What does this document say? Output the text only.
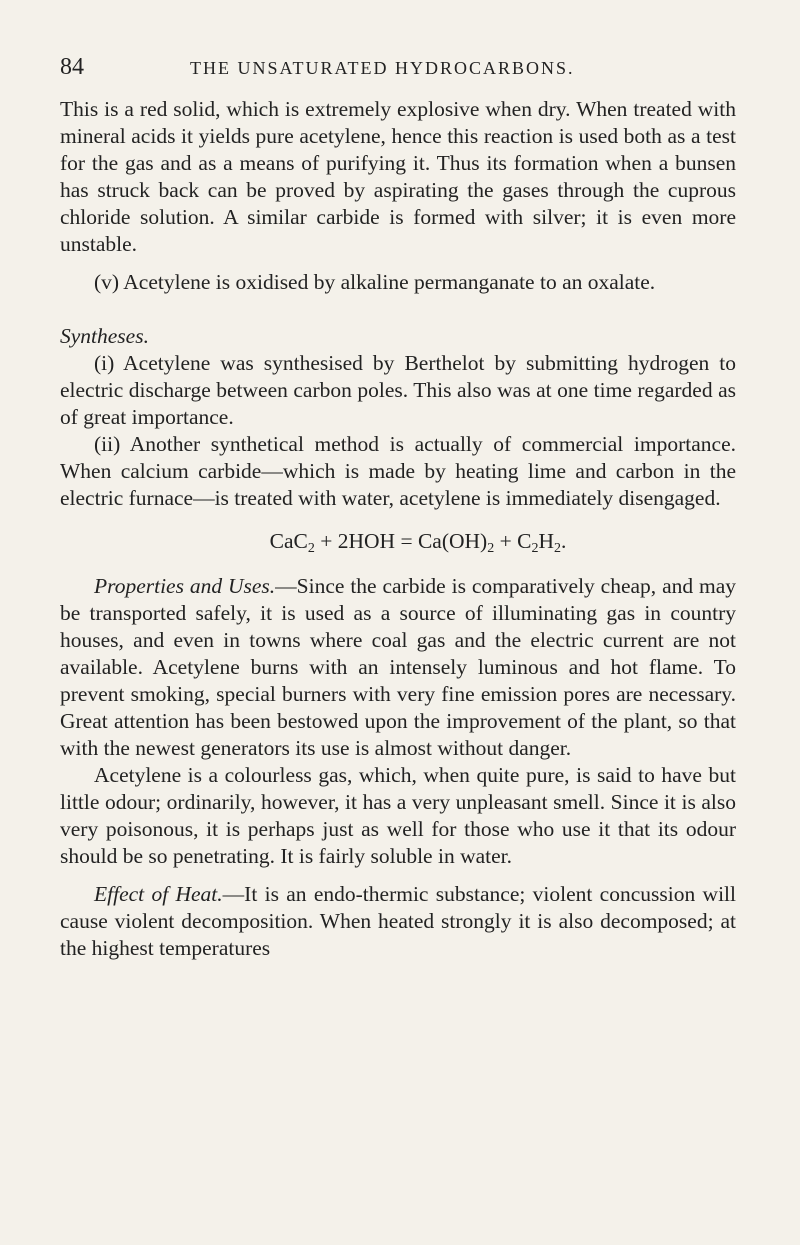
84	THE UNSATURATED HYDROCARBONS.

This is a red solid, which is extremely explosive when dry. When treated with mineral acids it yields pure acetylene, hence this reaction is used both as a test for the gas and as a means of purifying it. Thus its formation when a bunsen has struck back can be proved by aspirating the gases through the cuprous chloride solution. A similar carbide is formed with silver; it is even more unstable.

(v) Acetylene is oxidised by alkaline permanganate to an oxalate.

Syntheses.

(i) Acetylene was synthesised by Berthelot by submitting hydrogen to electric discharge between carbon poles. This also was at one time regarded as of great importance.

(ii) Another synthetical method is actually of commercial importance. When calcium carbide—which is made by heating lime and carbon in the electric furnace—is treated with water, acetylene is immediately disengaged.

$CaC_2 + 2HOH = Ca(OH)_2 + C_2H_2$.

Properties and Uses.—Since the carbide is comparatively cheap, and may be transported safely, it is used as a source of illuminating gas in country houses, and even in towns where coal gas and the electric current are not available. Acetylene burns with an intensely luminous and hot flame. To prevent smoking, special burners with very fine emission pores are necessary. Great attention has been bestowed upon the improvement of the plant, so that with the newest generators its use is almost without danger.

Acetylene is a colourless gas, which, when quite pure, is said to have but little odour; ordinarily, however, it has a very unpleasant smell. Since it is also very poisonous, it is perhaps just as well for those who use it that its odour should be so penetrating. It is fairly soluble in water.

Effect of Heat.—It is an endo-thermic substance; violent concussion will cause violent decomposition. When heated strongly it is also decomposed; at the highest temperatures
